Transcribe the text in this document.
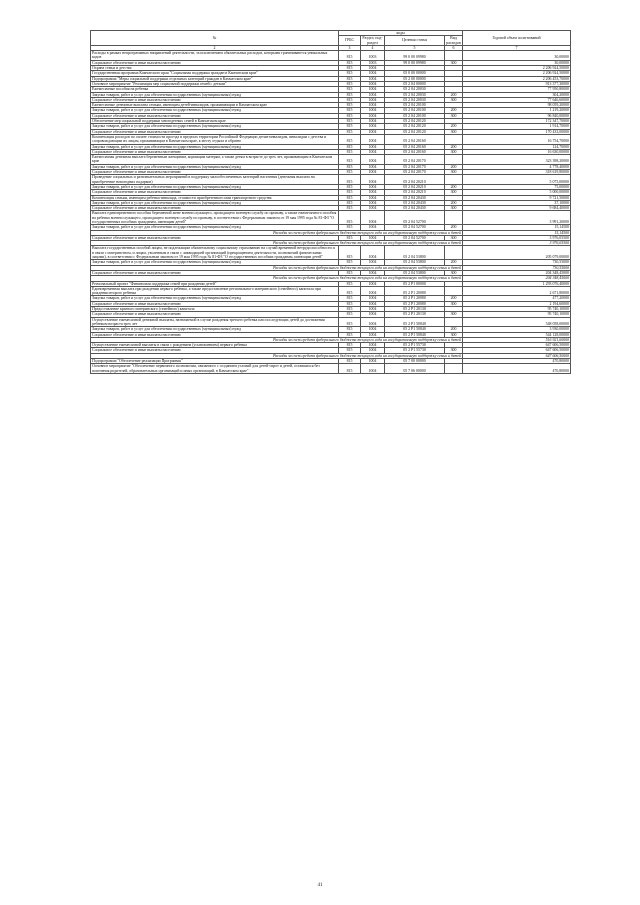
№	коды				Годовой объем ассигнований
	ГРБС	Раздел, под-раздел	Целевая статья	Вид расходов	
2	3	4	5	6	7
Расходы в рамках непрограммных направлений деятельности, за исключением обязательных расходов, которыми граничиваются уникальных кодов	815	1003	99 0 00 09980		30,00000
Социальное обеспечение и иные выплаты населению	815	1003	99 0 00 09980	300	30,00000
Охрана семьи и детства	815	1004			2 206 924,50000
Государственная программа Камчатского края "Социальная поддержка граждан в Камчатском крае"	815	1004	05 0 00 00000		2 206 924,50000
Подпрограмма "Меры социальной поддержки отдельных категорий граждан в Камчатском крае"	815	1004	05 2 00 00000		2 206 453,70000
Основное мероприятие "Реализация мер социальной поддержки семей с детьми"	815	1004	05 2 04 00000		913 377,30000
Ежемесячные пособия на ребенка	815	1004	05 2 04 20030		77 950,80000
Закупка товаров, работ и услуг для обеспечения государственных (муниципальных) нужд	815	1004	05 2 04 20030	200	304,20000
Социальное обеспечение и иные выплаты населению	815	1004	05 2 04 20030	300	77 646,60000
Ежемесячные денежные выплаты семьям, имеющим детей-инвалидов, проживающим в Камчатском крае	815	1004	05 2 04 20100		98 059,20000
Закупка товаров, работ и услуг для обеспечения государственных (муниципальных) нужд	815	1004	05 2 04 20100	200	1 219,20000
Социальное обеспечение и иные выплаты населению	815	1004	05 2 04 20100	300	96 840,00000
Обеспечение мер социальной поддержки многодетных семей в Камчатском крае	815	1004	05 2 04 20120		172 347,70000
Закупка товаров, работ и услуг для обеспечения государственных (муниципальных) нужд	815	1004	05 2 04 20120	200	1 914,70000
Социальное обеспечение и иные выплаты населению	815	1004	05 2 04 20120	300	170 433,00000
Компенсация расходов по оплате стоимости проезда в пределах территории Российской Федерации детям-инвалидам, инвалидам с детства и сопровождающим их лицам, проживающим в Камчатском крае, к месту отдыха и обратно	815	1004	05 2 04 20160		16 754,70000
Закупка товаров, работ и услуг для обеспечения государственных (муниципальных) нужд	815	1004	05 2 04 20160	200	124,70000
Социальное обеспечение и иные выплаты населению	815	1004	05 2 04 20160	300	16 630,00000
Ежемесячная денежная выплата беременным женщинам, кормящим матерям, а также детям в возрасте до трех лет, проживающим в Камчатском крае	815	1004	05 2 04 20170		323 398,20000
Закупка товаров, работ и услуг для обеспечения государственных (муниципальных) нужд	815	1004	05 2 04 20170	200	4 778,40000
Социальное обеспечение и иные выплаты населению	815	1004	05 2 04 20170	300	318 619,80000
Проведение социальных и развлекательных мероприятий в поддержку малообеспеченных категорий населения (денежная выплата на приобретение новогодних подарков)	815	1004	05 2 04 20210		5 075,00000
Закупка товаров, работ и услуг для обеспечения государственных (муниципальных) нужд	815	1004	05 2 04 20210	200	75,00000
Социальное обеспечение и иные выплаты населению	815	1004	05 2 04 20210	300	5 000,00000
Компенсация семьям, имеющим ребенка-инвалида, стоимости приобретенного ими транспортного средства	815	1004	05 2 04 20430		9 721,50000
Закупка товаров, работ и услуг для обеспечения государственных (муниципальных) нужд	815	1004	05 2 04 20430	200	37,10000
Социальное обеспечение и иные выплаты населению	815	1004	05 2 04 20430	300	9 684,40000
Выплата единовременного пособия беременной жене военнослужащего, проходящего военную службу по призыву, а также ежемесячного пособия на ребенка военнослужащего, проходящего военную службу по призыву, в соответствии с Федеральным законом от 19 мая 1995 года № 81-ФЗ "О государственных пособиях гражданам, имеющим детей"	815	1004	05 2 04 52700		3 991,20000
Закупка товаров, работ и услуг для обеспечения государственных (муниципальных) нужд	815	1004	05 2 04 52700	200	15,14500
Расходы за счет средств федерального бюджета текущего года на государственную поддержку семьи и детей					15,14500
Социальное обеспечение и иные выплаты населению	815	1004	05 2 04 52700	300	3 976,05500
Расходы за счет средств федерального бюджета текущего года на государственную поддержку семьи и детей					3 976,05500
Выплата государственных пособий лицам, не подлежащим обязательному социальному страхованию на случай временной нетрудоспособности и в связи с материнством, и лицам, уволенным в связи с ликвидацией организаций (прекращением деятельности, полномочий физическими лицами), в соответствии с Федеральным законом от 19 мая 1995 года № 81-ФЗ "О государственных пособиях гражданам, имеющим детей"	815	1004	05 2 04 53800		205 079,00000
Закупка товаров, работ и услуг для обеспечения государственных (муниципальных) нужд	815	1004	05 2 04 53800	200	730,55000
Расходы за счет средств федерального бюджета текущего года на государственную поддержку семьи и детей					730,55000
Социальное обеспечение и иные выплаты населению	815	1004	05 2 04 53800	300	204 348,45000
Расходы за счет средств федерального бюджета текущего года на государственную поддержку семьи и детей					204 348,45000
Региональный проект "Финансовая поддержка семей при рождении детей"	815	1004	05 2 P1 00000		1 293 076,40000
Единовременная выплата при рождении первого ребенка, а также предоставление регионального материнского (семейного) капитала при рождении второго ребенка	815	1004	05 2 P1 20080		2 671,80000
Закупка товаров, работ и услуг для обеспечения государственных (муниципальных) нужд	815	1004	05 2 P1 20080	200	477,20000
Социальное обеспечение и иные выплаты населению	815	1004	05 2 P1 20080	300	2 194,60000
Предоставление краевого материнского (семейного) капитала	815	1004	05 2 P1 20130		95 740,10000
Социальное обеспечение и иные выплаты населению	815	1004	05 2 P1 20130	300	95 740,10000
Осуществление ежемесячной денежной выплаты, назначаемой в случае рождения третьего ребенка или последующих детей до достижения ребенком возраста трех лет	815	1004	05 2 P1 50840		548 058,00000
Закупка товаров, работ и услуг для обеспечения государственных (муниципальных) нужд	815	1004	05 2 P1 50840	200	3 930,00000
Социальное обеспечение и иные выплаты населению	815	1004	05 2 P1 50840	300	544 128,00000
Расходы за счет средств федерального бюджета текущего года на государственную поддержку семьи и детей					516 921,60000
Осуществление ежемесячной выплаты в связи с рождением (усыновлением) первого ребенка	815	1004	05 2 P1 55730		647 606,50000
Социальное обеспечение и иные выплаты населению	815	1004	05 2 P1 55730	300	647 606,50000
Расходы за счет средств федерального бюджета текущего года на государственную поддержку семьи и детей					647 606,50000
Подпрограмма "Обеспечение реализации Программы"	815	1004	05 7 00 00000		470,80000
Основное мероприятие "Обеспечение первичного полномочия, связанного с созданием условий для детей-сирот и детей, оставшихся без попечения родителей, образовательных организаций и иных организаций, в Камчатском крае"	815	1004	05 7 06 00000		470,80000
41
